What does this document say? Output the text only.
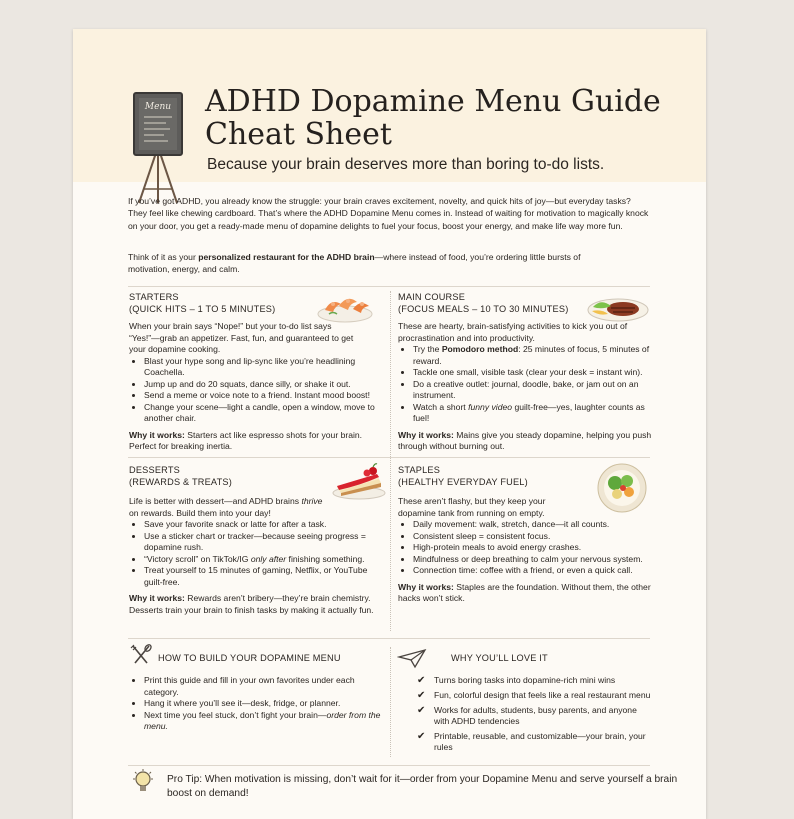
Menu ADHD Dopamine Menu Guide
Cheat Sheet

Because your brain deserves more than boring to-do lists.

If you’ve got ADHD, you already know the struggle: your brain craves excitement, novelty, and quick hits of joy—but everyday tasks? They feel like chewing cardboard. That’s where the ADHD Dopamine Menu comes in. Instead of waiting for motivation to magically knock on your door, you get a ready-made menu of dopamine delights to fuel your focus, boost your energy, and make life way more fun.

Think of it as your personalized restaurant for the ADHD brain—where instead of food, you’re ordering little bursts of motivation, energy, and calm.

STARTERS
(QUICK HITS – 1 TO 5 MINUTES)

When your brain says “Nope!” but your to-do list says “Yes!”—grab an appetizer. Fast, fun, and guaranteed to get your dopamine cooking.

• Blast your hype song and lip-sync like you’re headlining Coachella.
• Jump up and do 20 squats, dance silly, or shake it out.
• Send a meme or voice note to a friend. Instant mood boost!
• Change your scene—light a candle, open a window, move to another chair.

Why it works: Starters act like espresso shots for your brain. Perfect for breaking inertia.

MAIN COURSE
(FOCUS MEALS – 10 TO 30 MINUTES)

These are hearty, brain-satisfying activities to kick you out of procrastination and into productivity.

• Try the Pomodoro method: 25 minutes of focus, 5 minutes of reward.
• Tackle one small, visible task (clear your desk = instant win).
• Do a creative outlet: journal, doodle, bake, or jam out on an instrument.
• Watch a short funny video guilt-free—yes, laughter counts as fuel!

Why it works: Mains give you steady dopamine, helping you push through without burning out.

DESSERTS
(REWARDS & TREATS)

Life is better with dessert—and ADHD brains thrive on rewards. Build them into your day!

• Save your favorite snack or latte for after a task.
• Use a sticker chart or tracker—because seeing progress = dopamine rush.
• “Victory scroll” on TikTok/IG only after finishing something.
• Treat yourself to 15 minutes of gaming, Netflix, or YouTube guilt-free.

Why it works: Rewards aren’t bribery—they’re brain chemistry. Desserts train your brain to finish tasks by making it actually fun.

STAPLES
(HEALTHY EVERYDAY FUEL)

These aren’t flashy, but they keep your dopamine tank from running on empty.

• Daily movement: walk, stretch, dance—it all counts.
• Consistent sleep = consistent focus.
• High-protein meals to avoid energy crashes.
• Mindfulness or deep breathing to calm your nervous system.
• Connection time: coffee with a friend, or even a quick call.

Why it works: Staples are the foundation. Without them, the other hacks won’t stick.

HOW TO BUILD YOUR DOPAMINE MENU
• Print this guide and fill in your own favorites under each category.
• Hang it where you’ll see it—desk, fridge, or planner.
• Next time you feel stuck, don’t fight your brain—order from the menu.
WHY YOU’LL LOVE IT
✔ Turns boring tasks into dopamine-rich mini wins
✔ Fun, colorful design that feels like a real restaurant menu
✔ Works for adults, students, busy parents, and anyone with ADHD tendencies
✔ Printable, reusable, and customizable—your brain, your rules

Pro Tip: When motivation is missing, don’t wait for it—order from your Dopamine Menu and serve yourself a brain boost on demand!
